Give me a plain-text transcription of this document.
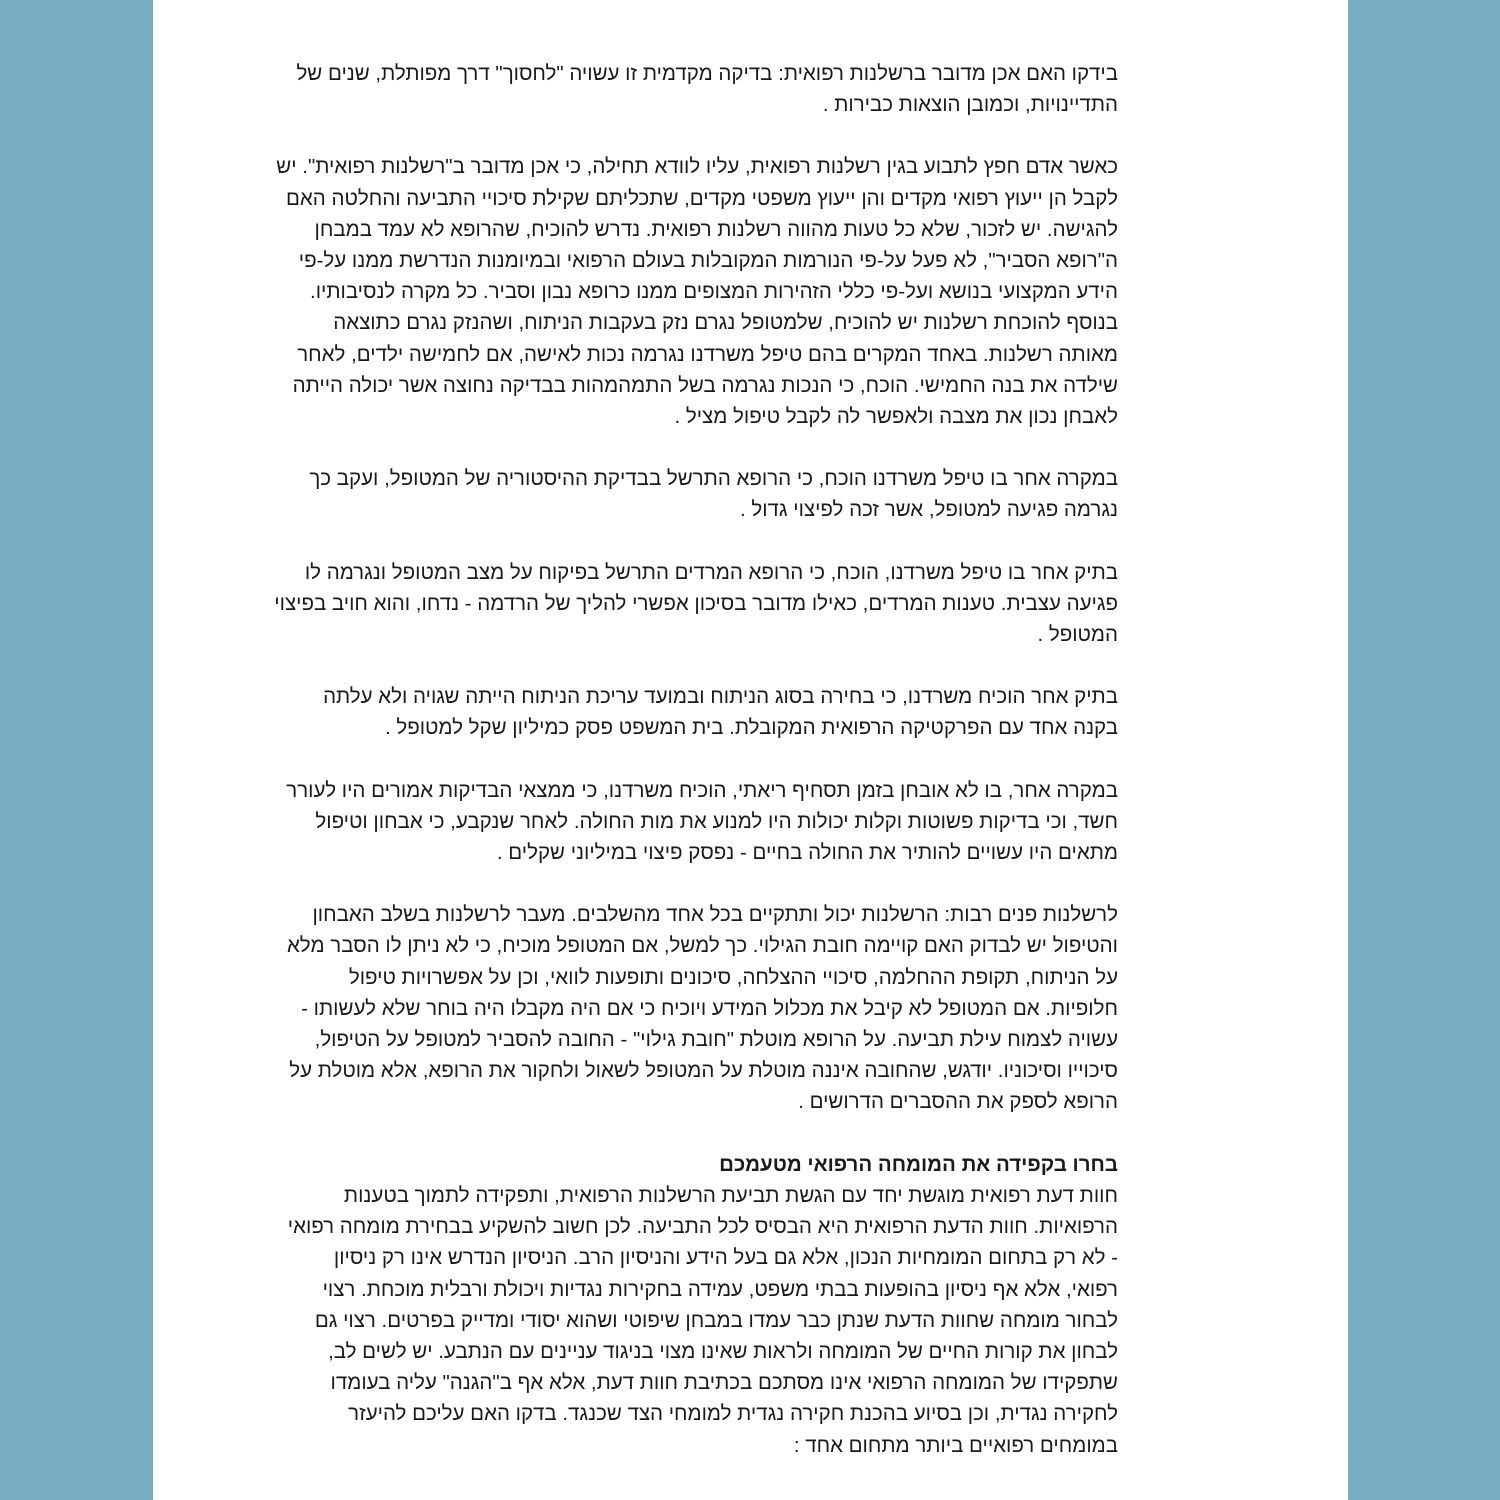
בידקו האם אכן מדובר ברשלנות רפואית: בדיקה מקדמית זו עשויה "לחסוך" דרך מפותלת, שנים של
התדיינויות, וכמובן הוצאות כבירות .
כאשר אדם חפץ לתבוע בגין רשלנות רפואית, עליו לוודא תחילה, כי אכן מדובר ב"רשלנות רפואית". יש
לקבל הן ייעוץ רפואי מקדים והן ייעוץ משפטי מקדים, שתכליתם שקילת סיכויי התביעה והחלטה האם
להגישה. יש לזכור, שלא כל טעות מהווה רשלנות רפואית. נדרש להוכיח, שהרופא לא עמד במבחן
ה"רופא הסביר", לא פעל על-פי הנורמות המקובלות בעולם הרפואי ובמיומנות הנדרשת ממנו על-פי
הידע המקצועי בנושא ועל-פי כללי הזהירות המצופים ממנו כרופא נבון וסביר. כל מקרה לנסיבותיו.
בנוסף להוכחת רשלנות יש להוכיח, שלמטופל נגרם נזק בעקבות הניתוח, ושהנזק נגרם כתוצאה
מאותה רשלנות. באחד המקרים בהם טיפל משרדנו נגרמה נכות לאישה, אם לחמישה ילדים, לאחר
שילדה את בנה החמישי. הוכח, כי הנכות נגרמה בשל התמהמהות בבדיקה נחוצה אשר יכולה הייתה
לאבחן נכון את מצבה ולאפשר לה לקבל טיפול מציל .
במקרה אחר בו טיפל משרדנו הוכח, כי הרופא התרשל בבדיקת ההיסטוריה של המטופל, ועקב כך
נגרמה פגיעה למטופל, אשר זכה לפיצוי גדול .
בתיק אחר בו טיפל משרדנו, הוכח, כי הרופא המרדים התרשל בפיקוח על מצב המטופל ונגרמה לו
פגיעה עצבית. טענות המרדים, כאילו מדובר בסיכון אפשרי להליך של הרדמה - נדחו, והוא חויב בפיצוי
המטופל .
בתיק אחר הוכיח משרדנו, כי בחירה בסוג הניתוח ובמועד עריכת הניתוח הייתה שגויה ולא עלתה
בקנה אחד עם הפרקטיקה הרפואית המקובלת. בית המשפט פסק כמיליון שקל למטופל .
במקרה אחר, בו לא אובחן בזמן תסחיף ריאתי, הוכיח משרדנו, כי ממצאי הבדיקות אמורים היו לעורר
חשד, וכי בדיקות פשוטות וקלות יכולות היו למנוע את מות החולה. לאחר שנקבע, כי אבחון וטיפול
מתאים היו עשויים להותיר את החולה בחיים - נפסק פיצוי במיליוני שקלים .
לרשלנות פנים רבות: הרשלנות יכול ותתקיים בכל אחד מהשלבים. מעבר לרשלנות בשלב האבחון
והטיפול יש לבדוק האם קויימה חובת הגילוי. כך למשל, אם המטופל מוכיח, כי לא ניתן לו הסבר מלא
על הניתוח, תקופת ההחלמה, סיכויי ההצלחה, סיכונים ותופעות לוואי, וכן על אפשרויות טיפול
חלופיות. אם המטופל לא קיבל את מכלול המידע ויוכיח כי אם היה מקבלו היה בוחר שלא לעשותו -
עשויה לצמוח עילת תביעה. על הרופא מוטלת "חובת גילוי" - החובה להסביר למטופל על הטיפול,
סיכוייו וסיכוניו. יודגש, שהחובה איננה מוטלת על המטופל לשאול ולחקור את הרופא, אלא מוטלת על
הרופא לספק את ההסברים הדרושים .
בחרו בקפידה את המומחה הרפואי מטעמכם
חוות דעת רפואית מוגשת יחד עם הגשת תביעת הרשלנות הרפואית, ותפקידה לתמוך בטענות
הרפואיות. חוות הדעת הרפואית היא הבסיס לכל התביעה. לכן חשוב להשקיע בבחירת מומחה רפואי
- לא רק בתחום המומחיות הנכון, אלא גם בעל הידע והניסיון הרב. הניסיון הנדרש אינו רק ניסיון
רפואי, אלא אף ניסיון בהופעות בבתי משפט, עמידה בחקירות נגדיות ויכולת ורבלית מוכחת. רצוי
לבחור מומחה שחוות הדעת שנתן כבר עמדו במבחן שיפוטי ושהוא יסודי ומדייק בפרטים. רצוי גם
לבחון את קורות החיים של המומחה ולראות שאינו מצוי בניגוד עניינים עם הנתבע. יש לשים לב,
שתפקידו של המומחה הרפואי אינו מסתכם בכתיבת חוות דעת, אלא אף ב"הגנה" עליה בעומדו
לחקירה נגדית, וכן בסיוע בהכנת חקירה נגדית למומחי הצד שכנגד. בדקו האם עליכם להיעזר
במומחים רפואיים ביותר מתחום אחד :
